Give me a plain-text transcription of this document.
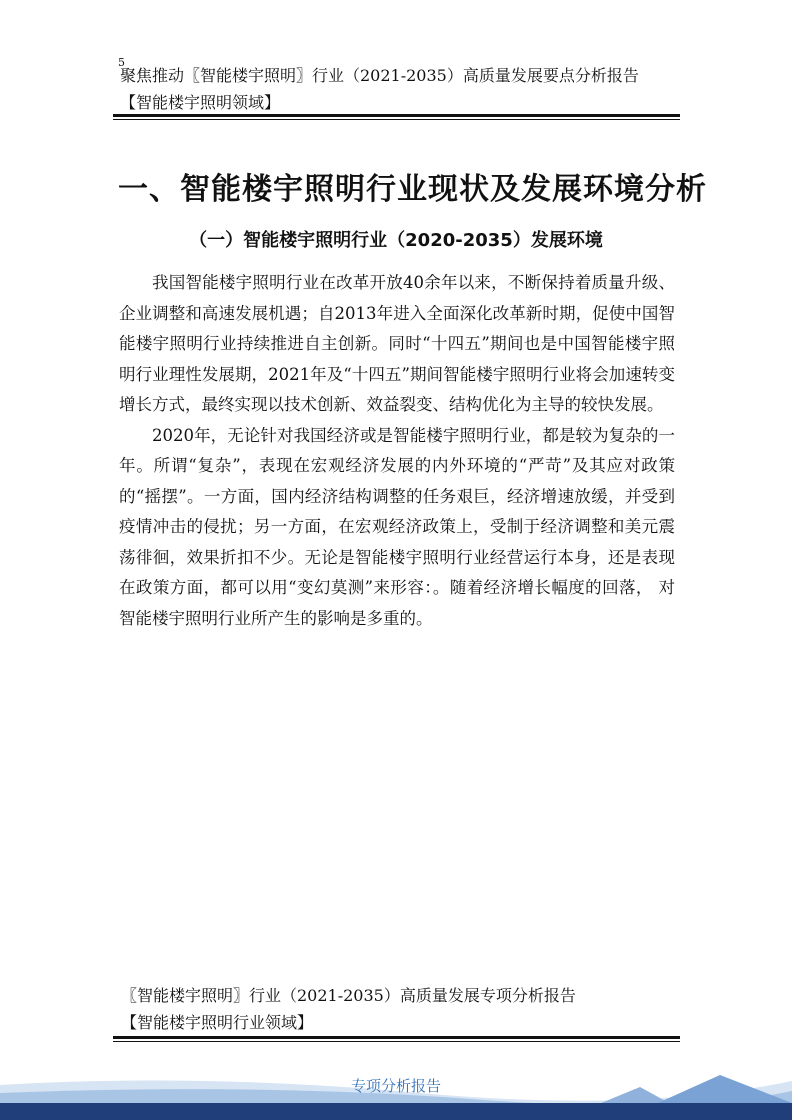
5
聚焦推动〖智能楼宇照明〗行业（2021-2035）高质量发展要点分析报告
【智能楼宇照明领域】
一、智能楼宇照明行业现状及发展环境分析
（一）智能楼宇照明行业（2020-2035）发展环境

我国智能楼宇照明行业在改革开放40余年以来，不断保持着质量升级、企业调整和高速发展机遇；自2013年进入全面深化改革新时期，促使中国智能楼宇照明行业持续推进自主创新。同时“十四五”期间也是中国智能楼宇照明行业理性发展期，2021年及“十四五”期间智能楼宇照明行业将会加速转变增长方式，最终实现以技术创新、效益裂变、结构优化为主导的较快发展。

2020年，无论针对我国经济或是智能楼宇照明行业，都是较为复杂的一年。所谓“复杂”，表现在宏观经济发展的内外环境的“严苛”及其应对政策的“摇摆”。一方面，国内经济结构调整的任务艰巨，经济增速放缓，并受到疫情冲击的侵扰；另一方面，在宏观经济政策上，受制于经济调整和美元震荡徘徊，效果折扣不少。无论是智能楼宇照明行业经营运行本身，还是表现在政策方面，都可以用“变幻莫测”来形容：。随着经济增长幅度的回落， 对智能楼宇照明行业所产生的影响是多重的。

〖智能楼宇照明〗行业（2021-2035）高质量发展专项分析报告
【智能楼宇照明行业领域】
专项分析报告
